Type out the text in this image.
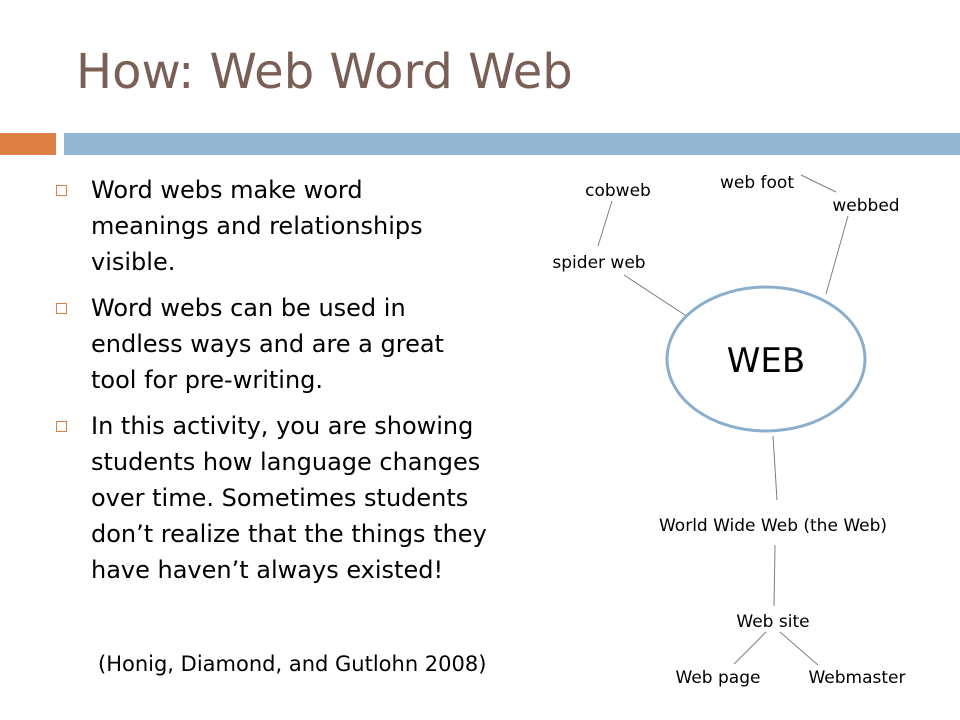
How: Web Word Web
Word webs make word
meanings and relationships
visible.
Word webs can be used in
endless ways and are a great
tool for pre-writing.
In this activity, you are showing
students how language changes
over time. Sometimes students
don’t realize that the things they
have haven’t always existed!
(Honig, Diamond, and Gutlohn 2008)
WEB
cobweb	web foot
webbed
spider web
World Wide Web (the Web)
Web site
Web page	Webmaster
